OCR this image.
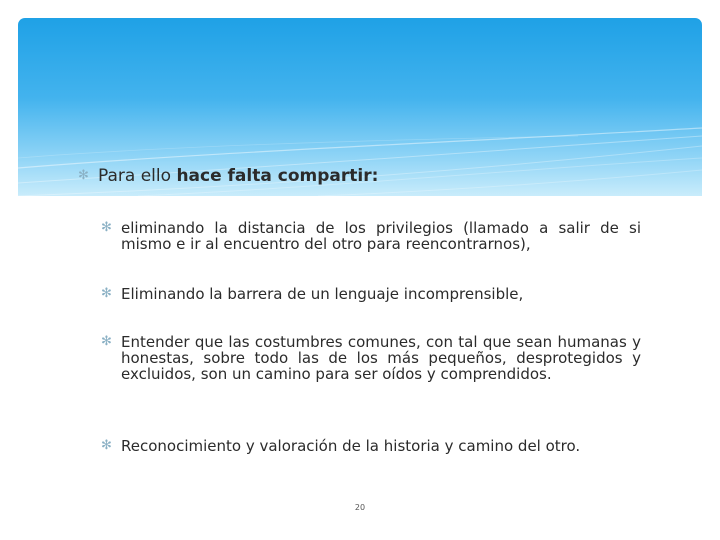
✻ Para ello hace falta compartir:
✻ eliminando la distancia de los privilegios (llamado a salir de si mismo e ir al encuentro del otro para reencontrarnos),
✻ Eliminando la barrera de un lenguaje incomprensible,
✻ Entender que las costumbres comunes, con tal que sean humanas y honestas, sobre todo las de los más pequeños, desprotegidos y excluidos, son un camino para ser oídos y comprendidos.
✻ Reconocimiento y valoración de la historia y camino del otro.
20
